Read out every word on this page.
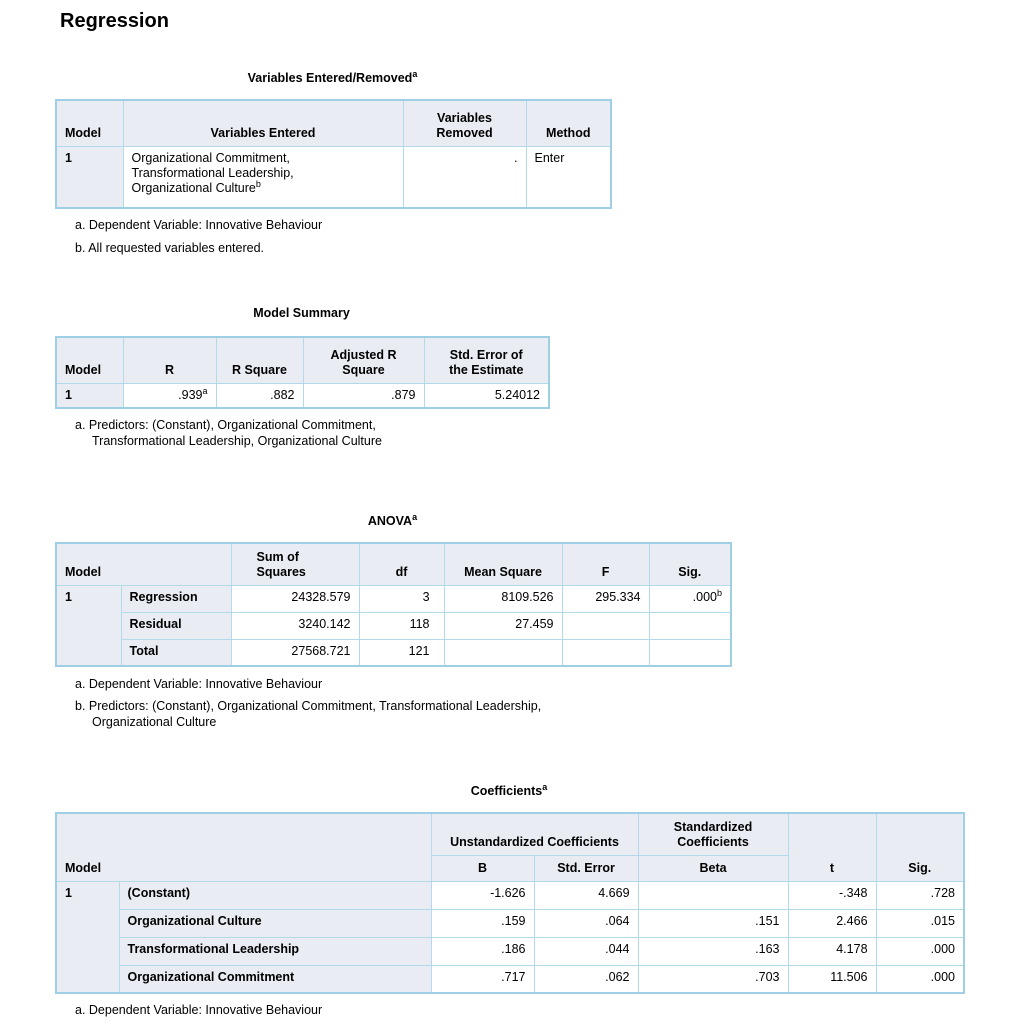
Regression
Variables Entered/Removed$^a$
Model	Variables Entered	Variables Removed	Method
1	Organizational Commitment, Transformational Leadership, Organizational Culture$^b$	.	Enter
a. Dependent Variable: Innovative Behaviour
b. All requested variables entered.
Model Summary
Model	R	R Square	Adjusted R Square	Std. Error of the Estimate
1	.939$^a$	.882	.879	5.24012
a. Predictors: (Constant), Organizational Commitment, Transformational Leadership, Organizational Culture
ANOVA$^a$
Model		Sum of Squares	df	Mean Square	F	Sig.
1	Regression	24328.579	3	8109.526	295.334	.000$^b$
	Residual	3240.142	118	27.459		
	Total	27568.721	121			
a. Dependent Variable: Innovative Behaviour
b. Predictors: (Constant), Organizational Commitment, Transformational Leadership, Organizational Culture
Coefficients$^a$
Model		Unstandardized Coefficients		Standardized Coefficients	t	Sig.
		B	Std. Error	Beta		
1	(Constant)	-1.626	4.669		-.348	.728
	Organizational Culture	.159	.064	.151	2.466	.015
	Transformational Leadership	.186	.044	.163	4.178	.000
	Organizational Commitment	.717	.062	.703	11.506	.000
a. Dependent Variable: Innovative Behaviour
